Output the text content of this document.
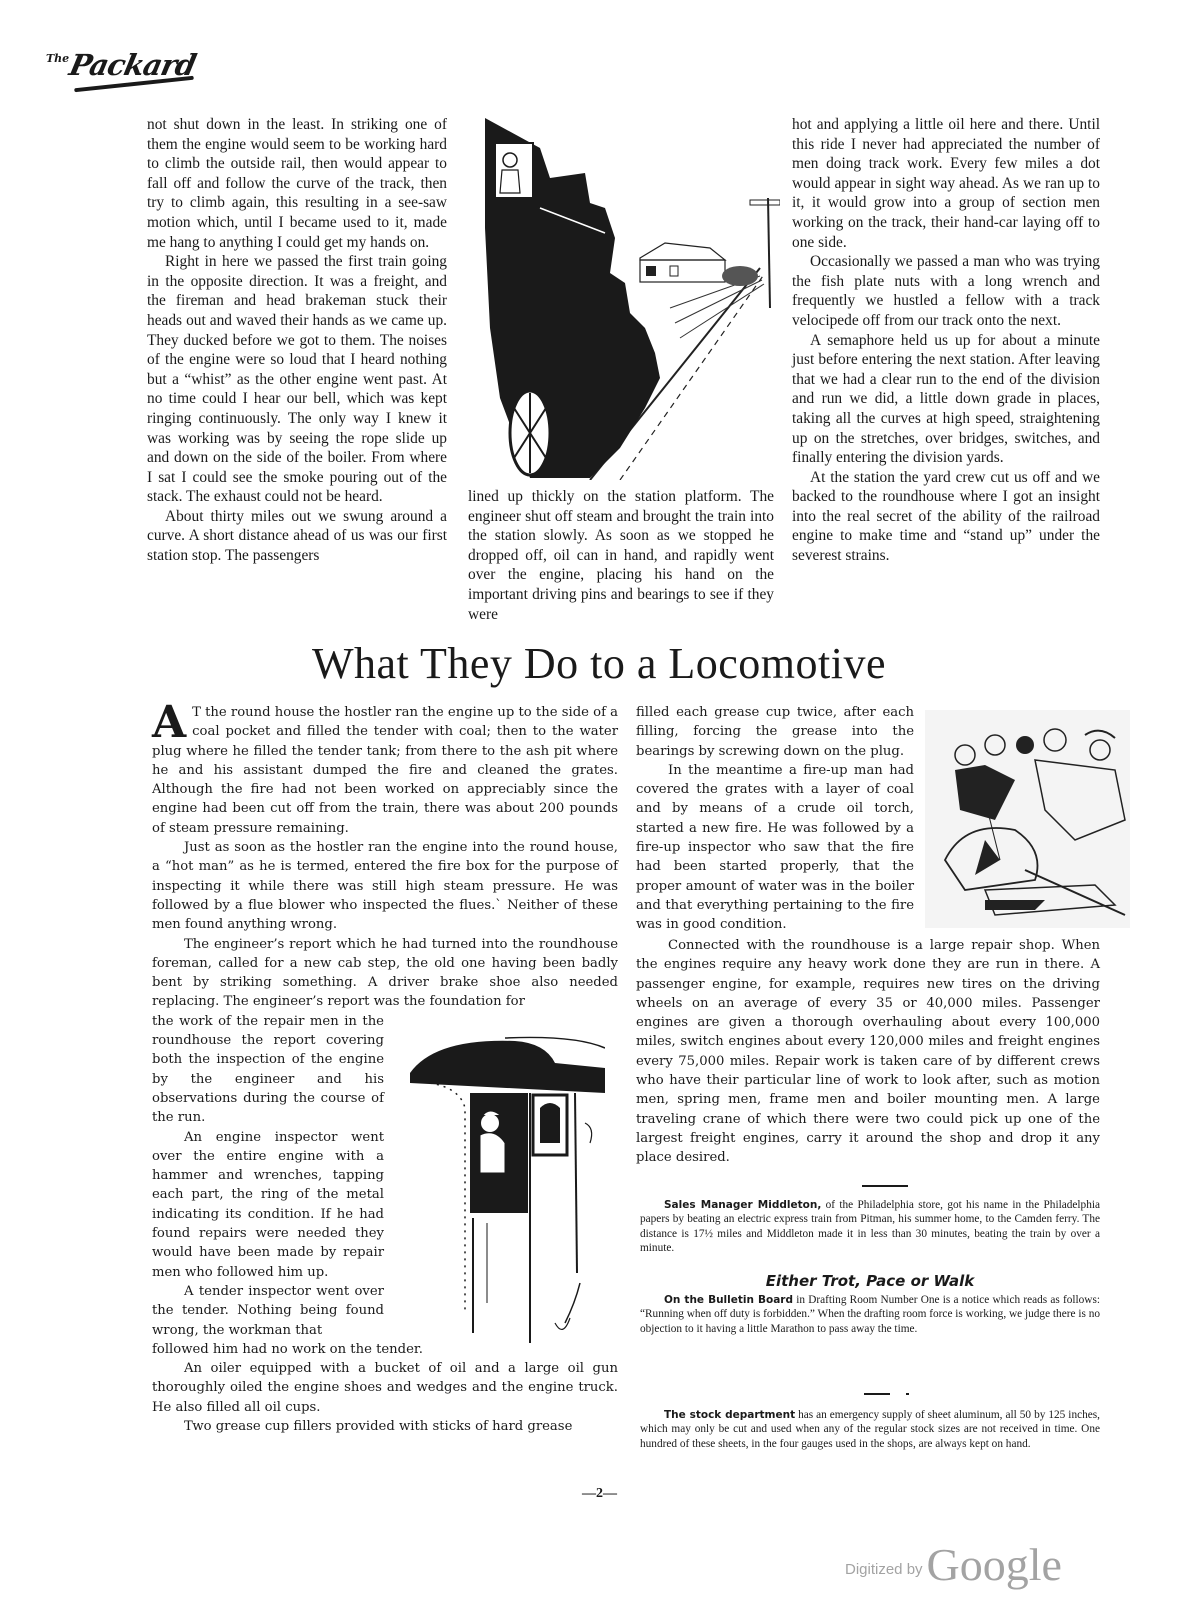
The
Packard

not shut down in the least. In striking one of them the engine would seem to be working hard to climb the outside rail, then would appear to fall off and follow the curve of the track, then try to climb again, this resulting in a see-saw motion which, until I became used to it, made me hang to anything I could get my hands on.

Right in here we passed the first train going in the opposite direction. It was a freight, and the fireman and head brakeman stuck their heads out and waved their hands as we came up. They ducked before we got to them. The noises of the engine were so loud that I heard nothing but a “whist” as the other engine went past. At no time could I hear our bell, which was kept ringing continuously. The only way I knew it was working was by seeing the rope slide up and down on the side of the boiler. From where I sat I could see the smoke pouring out of the stack. The exhaust could not be heard.

About thirty miles out we swung around a curve. A short distance ahead of us was our first station stop. The passengers

lined up thickly on the station platform. The engineer shut off steam and brought the train into the station slowly. As soon as we stopped he dropped off, oil can in hand, and rapidly went over the engine, placing his hand on the important driving pins and bearings to see if they were

hot and applying a little oil here and there. Until this ride I never had appreciated the number of men doing track work. Every few miles a dot would appear in sight way ahead. As we ran up to it, it would grow into a group of section men working on the track, their hand-car laying off to one side.

Occasionally we passed a man who was trying the fish plate nuts with a long wrench and frequently we hustled a fellow with a track velocipede off from our track onto the next.

A semaphore held us up for about a minute just before entering the next station. After leaving that we had a clear run to the end of the division and run we did, a little down grade in places, taking all the curves at high speed, straightening up on the stretches, over bridges, switches, and finally entering the division yards.

At the station the yard crew cut us off and we backed to the roundhouse where I got an insight into the real secret of the ability of the railroad engine to make time and “stand up” under the severest strains.

What They Do to a Locomotive

A T the round house the hostler ran the engine up to the side of a coal pocket and filled the tender with coal; then to the water plug where he filled the tender tank; from there to the ash pit where he and his assistant dumped the fire and cleaned the grates. Although the fire had not been worked on appreciably since the engine had been cut off from the train, there was about 200 pounds of steam pressure remaining.

Just as soon as the hostler ran the engine into the round house, a “hot man” as he is termed, entered the fire box for the purpose of inspecting it while there was still high steam pressure. He was followed by a flue blower who inspected the flues.` Neither of these men found anything wrong.

The engineer’s report which he had turned into the roundhouse foreman, called for a new cab step, the old one having been badly bent by striking something. A driver brake shoe also needed replacing. The engineer’s report was the foundation for

the work of the repair men in the roundhouse the report covering both the inspection of the engine by the engineer and his observations during the course of the run.

An engine inspector went over the entire engine with a hammer and wrenches, tapping each part, the ring of the metal indicating its condition. If he had found repairs were needed they would have been made by repair men who followed him up.

A tender inspector went over the tender. Nothing being found wrong, the workman that

followed him had no work on the tender.

An oiler equipped with a bucket of oil and a large oil gun thoroughly oiled the engine shoes and wedges and the engine truck. He also filled all oil cups.

Two grease cup fillers provided with sticks of hard grease

filled each grease cup twice, after each filling, forcing the grease into the bearings by screwing down on the plug.

In the meantime a fire-up man had covered the grates with a layer of coal and by means of a crude oil torch, started a new fire. He was followed by a fire-up inspector who saw that the fire had been started properly, that the proper amount of water was in the boiler and that everything pertaining to the fire was in good condition.

Connected with the roundhouse is a large repair shop. When the engines require any heavy work done they are run in there. A passenger engine, for example, requires new tires on the driving wheels on an average of every 35 or 40,000 miles. Passenger engines are given a thorough overhauling about every 100,000 miles, switch engines about every 120,000 miles and freight engines every 75,000 miles. Repair work is taken care of by different crews who have their particular line of work to look after, such as motion men, spring men, frame men and boiler mounting men. A large traveling crane of which there were two could pick up one of the largest freight engines, carry it around the shop and drop it any place desired.

Sales Manager Middleton, of the Philadelphia store, got his name in the Philadelphia papers by beating an electric express train from Pitman, his summer home, to the Camden ferry. The distance is 17½ miles and Middleton made it in less than 30 minutes, beating the train by over a minute.

Either Trot, Pace or Walk

On the Bulletin Board in Drafting Room Number One is a notice which reads as follows: “Running when off duty is forbidden.” When the drafting room force is working, we judge there is no objection to it having a little Marathon to pass away the time.

The stock department has an emergency supply of sheet aluminum, all 50 by 125 inches, which may only be cut and used when any of the regular stock sizes are not received in time. One hundred of these sheets, in the four gauges used in the shops, are always kept on hand.

—2—
Digitized by Google
